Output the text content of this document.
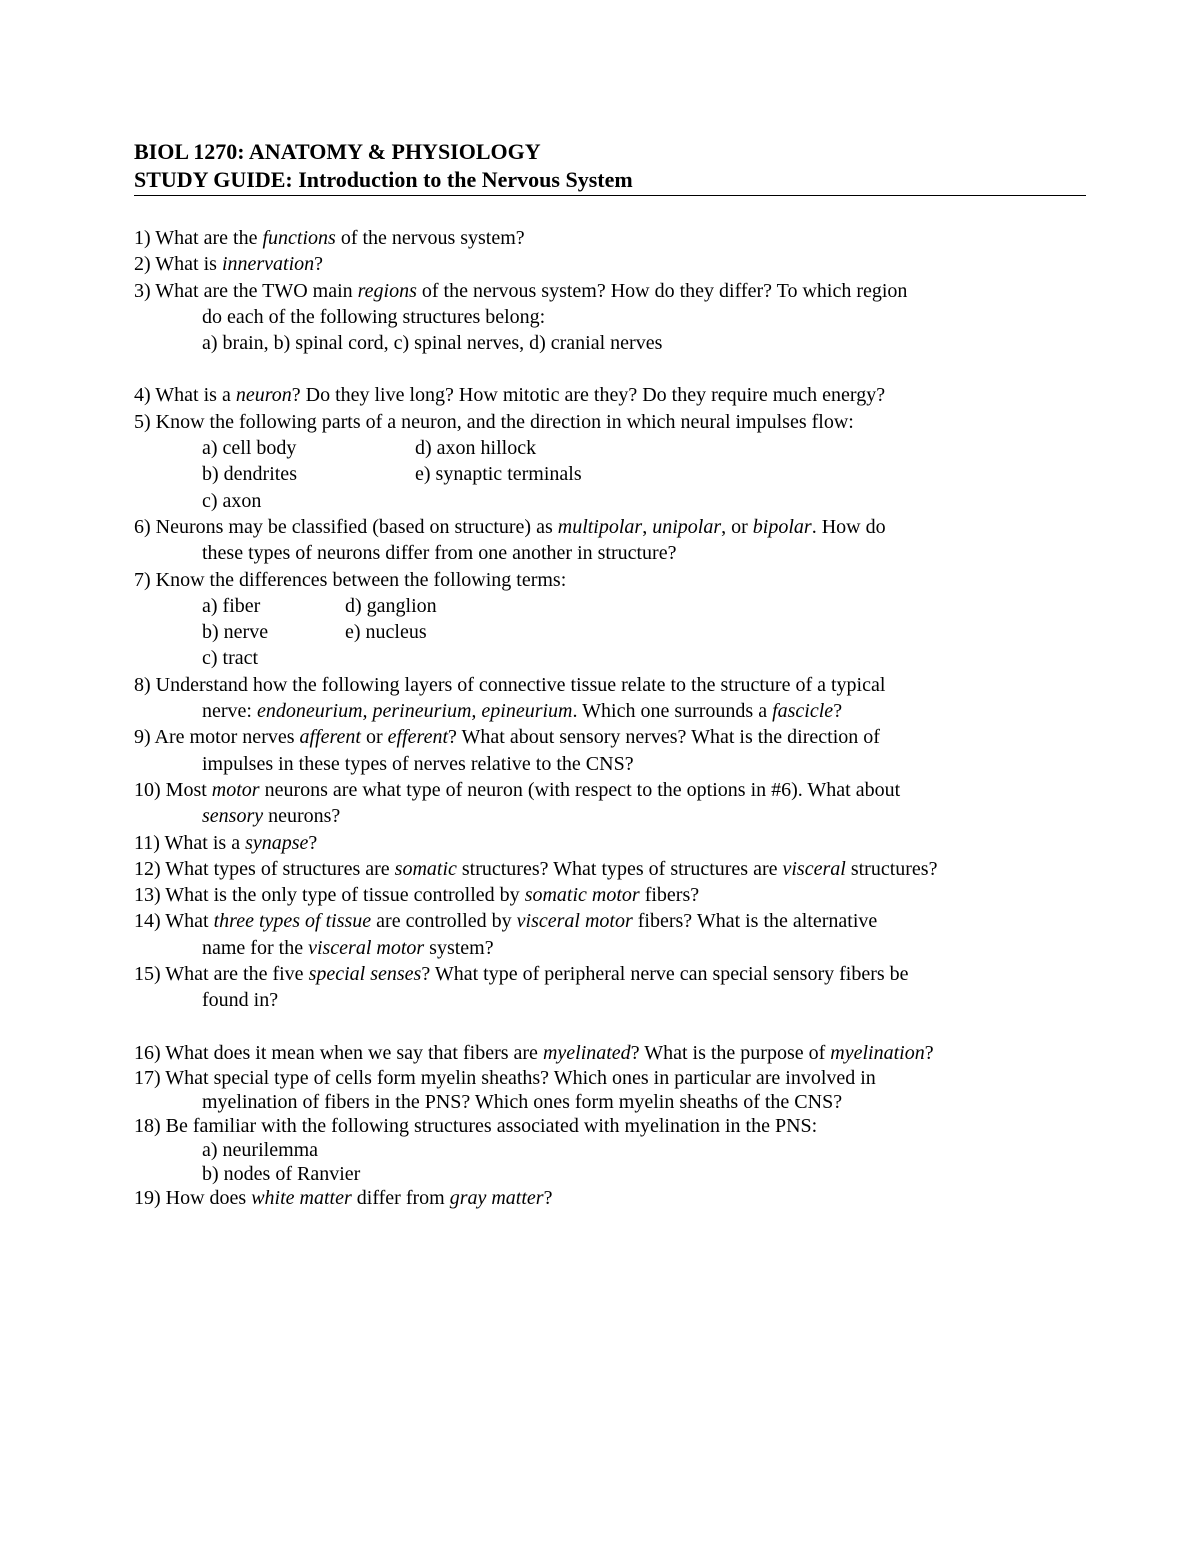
BIOL 1270: ANATOMY & PHYSIOLOGY

STUDY GUIDE: Introduction to the Nervous System

1) What are the functions of the nervous system?

2) What is innervation?

3) What are the TWO main regions of the nervous system? How do they differ? To which region

do each of the following structures belong:

a) brain, b) spinal cord, c) spinal nerves, d) cranial nerves

4) What is a neuron? Do they live long? How mitotic are they? Do they require much energy?

5) Know the following parts of a neuron, and the direction in which neural impulses flow:

a) cell body	d) axon hillock
b) dendrites	e) synaptic terminals
c) axon

6) Neurons may be classified (based on structure) as multipolar, unipolar, or bipolar. How do

these types of neurons differ from one another in structure?

7) Know the differences between the following terms:

a) fiber	d) ganglion
b) nerve	e) nucleus
c) tract

8) Understand how the following layers of connective tissue relate to the structure of a typical

nerve: endoneurium, perineurium, epineurium. Which one surrounds a fascicle?

9) Are motor nerves afferent or efferent? What about sensory nerves? What is the direction of

impulses in these types of nerves relative to the CNS?

10) Most motor neurons are what type of neuron (with respect to the options in #6). What about

sensory neurons?

11) What is a synapse?

12) What types of structures are somatic structures? What types of structures are visceral structures?

13) What is the only type of tissue controlled by somatic motor fibers?

14) What three types of tissue are controlled by visceral motor fibers? What is the alternative

name for the visceral motor system?

15) What are the five special senses? What type of peripheral nerve can special sensory fibers be

found in?

16) What does it mean when we say that fibers are myelinated? What is the purpose of myelination?

17) What special type of cells form myelin sheaths? Which ones in particular are involved in

myelination of fibers in the PNS? Which ones form myelin sheaths of the CNS?

18) Be familiar with the following structures associated with myelination in the PNS:

a) neurilemma

b) nodes of Ranvier

19) How does white matter differ from gray matter?
